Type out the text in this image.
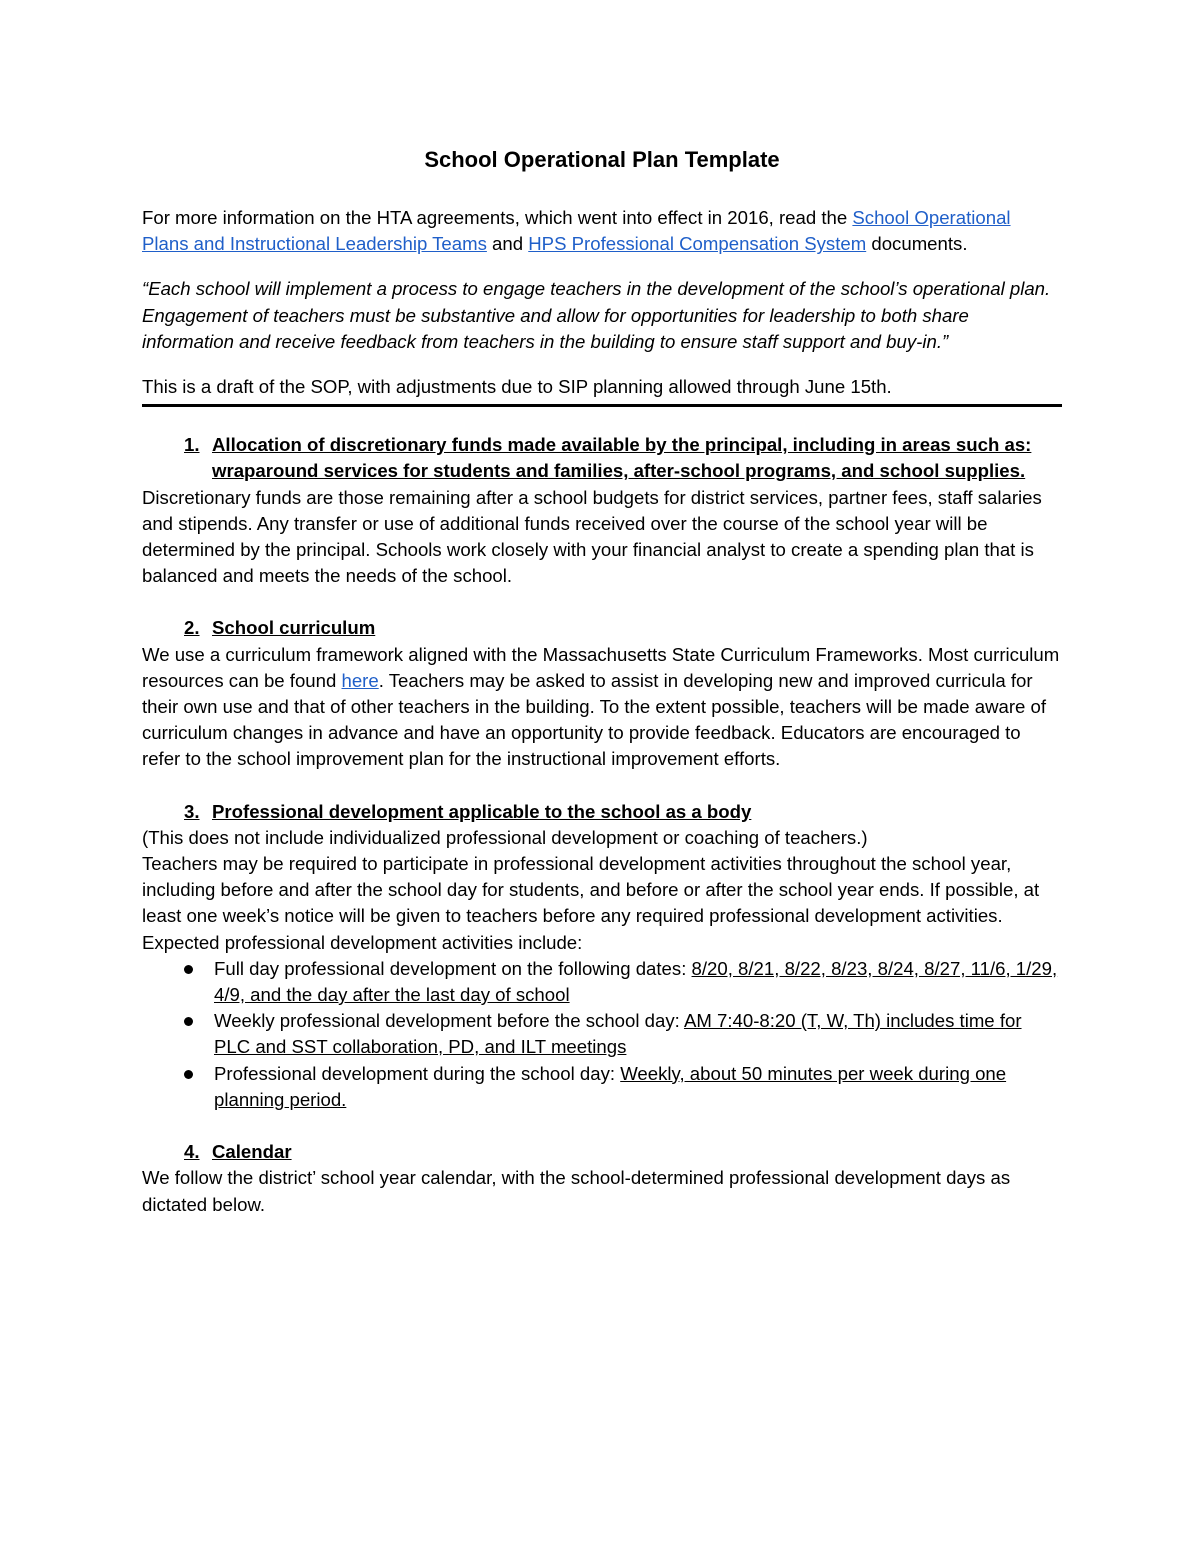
School Operational Plan Template

For more information on the HTA agreements, which went into effect in 2016, read the School Operational Plans and Instructional Leadership Teams and HPS Professional Compensation System documents.

“Each school will implement a process to engage teachers in the development of the school’s operational plan. Engagement of teachers must be substantive and allow for opportunities for leadership to both share information and receive feedback from teachers in the building to ensure staff support and buy-in.”

This is a draft of the SOP, with adjustments due to SIP planning allowed through June 15th.

1. Allocation of discretionary funds made available by the principal, including in areas such as: wraparound services for students and families, after-school programs, and school supplies.

Discretionary funds are those remaining after a school budgets for district services, partner fees, staff salaries and stipends. Any transfer or use of additional funds received over the course of the school year will be determined by the principal. Schools work closely with your financial analyst to create a spending plan that is balanced and meets the needs of the school.

2. School curriculum

We use a curriculum framework aligned with the Massachusetts State Curriculum Frameworks. Most curriculum resources can be found here. Teachers may be asked to assist in developing new and improved curricula for their own use and that of other teachers in the building. To the extent possible, teachers will be made aware of curriculum changes in advance and have an opportunity to provide feedback. Educators are encouraged to refer to the school improvement plan for the instructional improvement efforts.

3. Professional development applicable to the school as a body

(This does not include individualized professional development or coaching of teachers.)

Teachers may be required to participate in professional development activities throughout the school year, including before and after the school day for students, and before or after the school year ends. If possible, at least one week’s notice will be given to teachers before any required professional development activities. Expected professional development activities include:

Full day professional development on the following dates: 8/20, 8/21, 8/22, 8/23, 8/24, 8/27, 11/6, 1/29, 4/9, and the day after the last day of school
Weekly professional development before the school day: AM 7:40-8:20 (T, W, Th) includes time for PLC and SST collaboration, PD, and ILT meetings
Professional development during the school day: Weekly, about 50 minutes per week during one planning period.
4. Calendar

We follow the district’ school year calendar, with the school-determined professional development days as dictated below.
